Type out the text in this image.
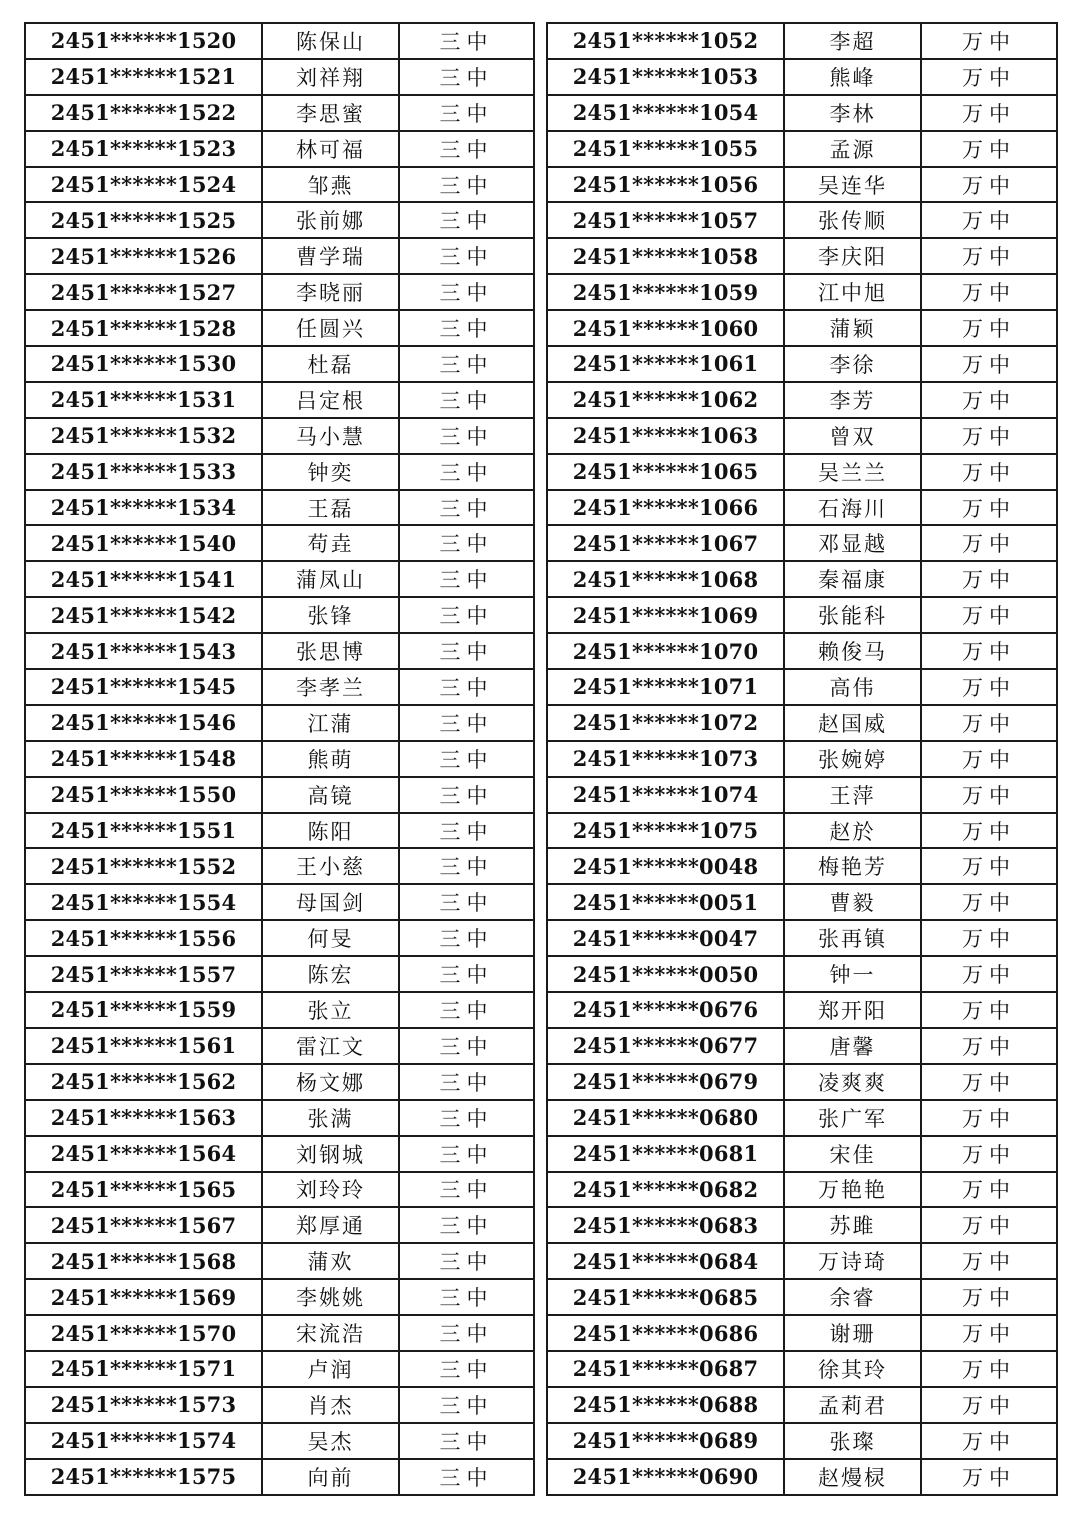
2451******1520	陈保山	三中
2451******1521	刘祥翔	三中
2451******1522	李思蜜	三中
2451******1523	林可福	三中
2451******1524	邹燕	三中
2451******1525	张前娜	三中
2451******1526	曹学瑞	三中
2451******1527	李晓丽	三中
2451******1528	任圆兴	三中
2451******1530	杜磊	三中
2451******1531	吕定根	三中
2451******1532	马小慧	三中
2451******1533	钟奕	三中
2451******1534	王磊	三中
2451******1540	苟垚	三中
2451******1541	蒲凤山	三中
2451******1542	张锋	三中
2451******1543	张思博	三中
2451******1545	李孝兰	三中
2451******1546	江蒲	三中
2451******1548	熊萌	三中
2451******1550	高镜	三中
2451******1551	陈阳	三中
2451******1552	王小慈	三中
2451******1554	母国剑	三中
2451******1556	何旻	三中
2451******1557	陈宏	三中
2451******1559	张立	三中
2451******1561	雷江文	三中
2451******1562	杨文娜	三中
2451******1563	张满	三中
2451******1564	刘钢城	三中
2451******1565	刘玲玲	三中
2451******1567	郑厚通	三中
2451******1568	蒲欢	三中
2451******1569	李姚姚	三中
2451******1570	宋流浩	三中
2451******1571	卢润	三中
2451******1573	肖杰	三中
2451******1574	吴杰	三中
2451******1575	向前	三中
2451******1052	李超	万中
2451******1053	熊峰	万中
2451******1054	李林	万中
2451******1055	孟源	万中
2451******1056	吴连华	万中
2451******1057	张传顺	万中
2451******1058	李庆阳	万中
2451******1059	江中旭	万中
2451******1060	蒲颖	万中
2451******1061	李徐	万中
2451******1062	李芳	万中
2451******1063	曾双	万中
2451******1065	吴兰兰	万中
2451******1066	石海川	万中
2451******1067	邓显越	万中
2451******1068	秦福康	万中
2451******1069	张能科	万中
2451******1070	赖俊马	万中
2451******1071	高伟	万中
2451******1072	赵国威	万中
2451******1073	张婉婷	万中
2451******1074	王萍	万中
2451******1075	赵於	万中
2451******0048	梅艳芳	万中
2451******0051	曹毅	万中
2451******0047	张再镇	万中
2451******0050	钟一	万中
2451******0676	郑开阳	万中
2451******0677	唐馨	万中
2451******0679	凌爽爽	万中
2451******0680	张广军	万中
2451******0681	宋佳	万中
2451******0682	万艳艳	万中
2451******0683	苏雎	万中
2451******0684	万诗琦	万中
2451******0685	余睿	万中
2451******0686	谢珊	万中
2451******0687	徐其玲	万中
2451******0688	孟莉君	万中
2451******0689	张璨	万中
2451******0690	赵熳棂	万中
